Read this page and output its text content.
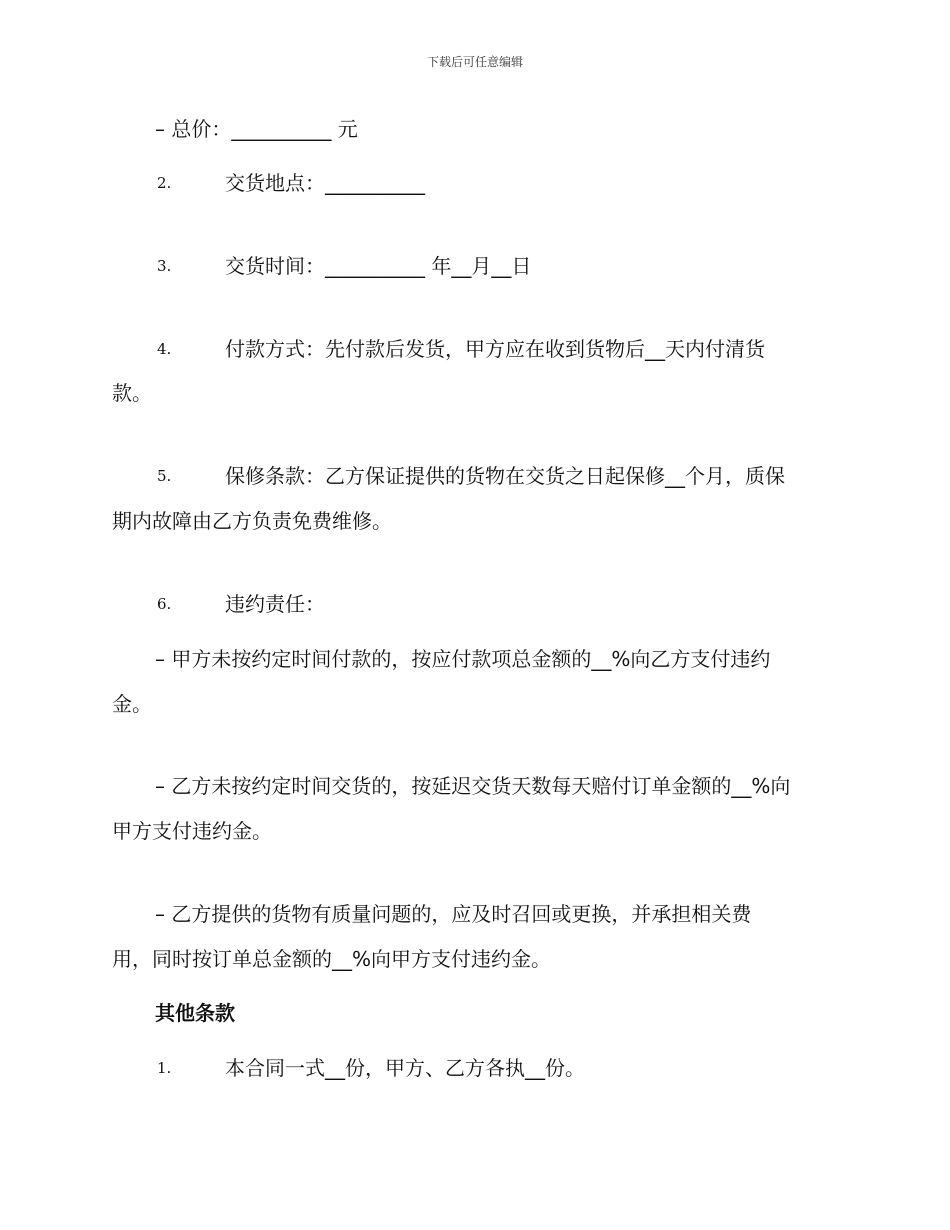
下载后可任意编辑
– 总价：__________ 元
2.	交货地点：__________
3.	交货时间：__________ 年__月__日
4.	付款方式：先付款后发货，甲方应在收到货物后__天内付清货
款。
5.	保修条款：乙方保证提供的货物在交货之日起保修__个月，质保
期内故障由乙方负责免费维修。
6.	违约责任：
– 甲方未按约定时间付款的，按应付款项总金额的__%向乙方支付违约
金。
– 乙方未按约定时间交货的，按延迟交货天数每天赔付订单金额的__%向
甲方支付违约金。
– 乙方提供的货物有质量问题的，应及时召回或更换，并承担相关费
用，同时按订单总金额的__%向甲方支付违约金。
其他条款
1.	本合同一式__份，甲方、乙方各执__份。
